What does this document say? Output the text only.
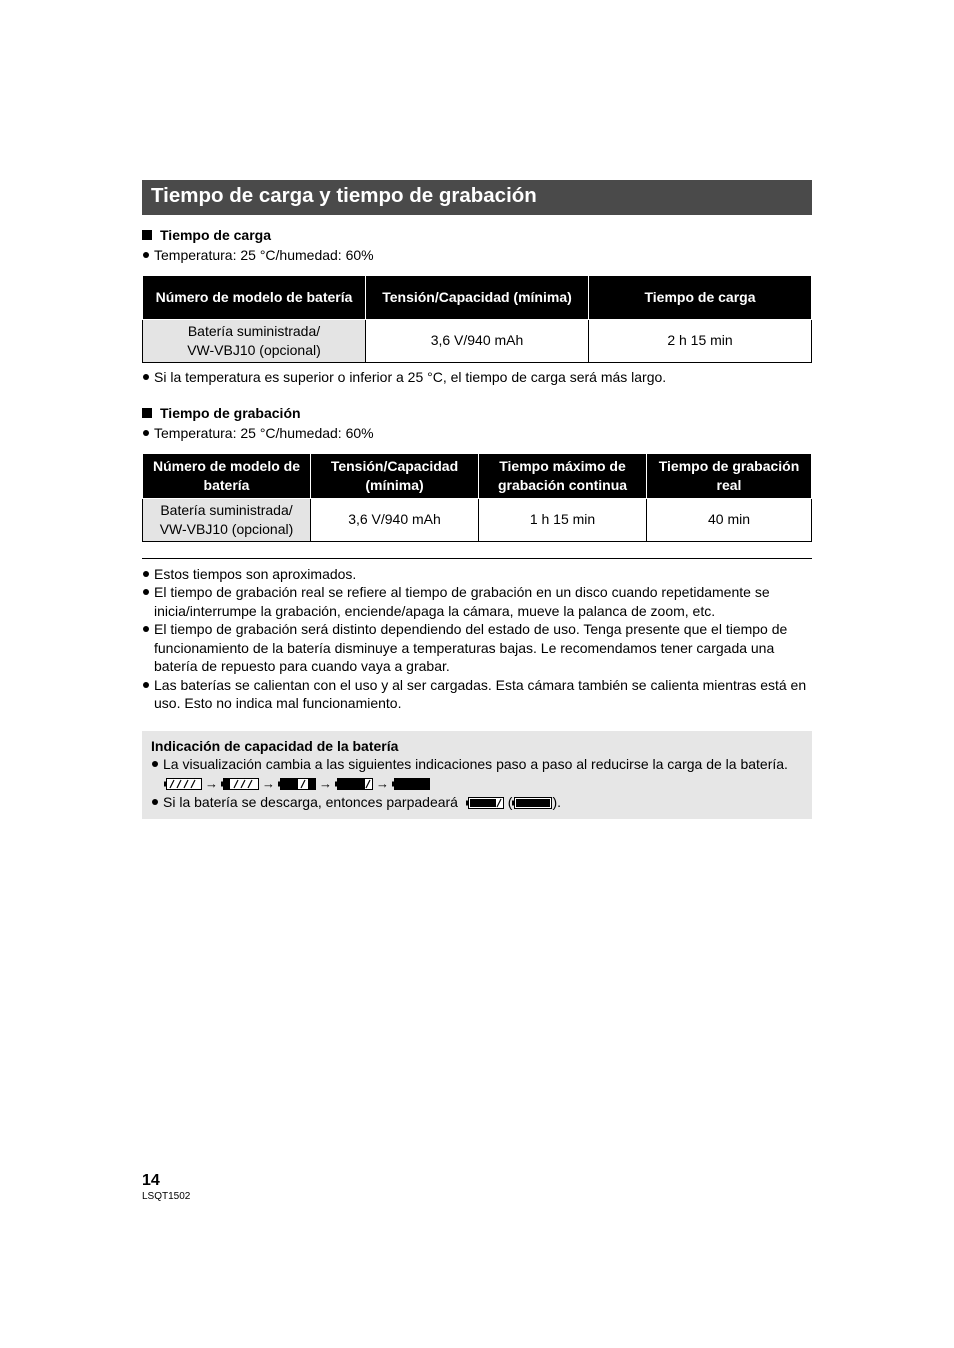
Tiempo de carga y tiempo de grabación
Tiempo de carga
Temperatura: 25 °C/humedad: 60%
Número de modelo de batería	Tensión/Capacidad (mínima)	Tiempo de carga

Batería suministrada/
VW-VBJ10 (opcional)	3,6 V/940 mAh	2 h 15 min
Si la temperatura es superior o inferior a 25 °C, el tiempo de carga será más largo.
Tiempo de grabación
Temperatura: 25 °C/humedad: 60%
Número de modelo de batería	Tensión/Capacidad (mínima)	Tiempo máximo de grabación continua	Tiempo de grabación real

Batería suministrada/
VW-VBJ10 (opcional)	3,6 V/940 mAh	1 h 15 min	40 min
Estos tiempos son aproximados.
El tiempo de grabación real se refiere al tiempo de grabación en un disco cuando repetidamente se inicia/interrumpe la grabación, enciende/apaga la cámara, mueve la palanca de zoom, etc.
El tiempo de grabación será distinto dependiendo del estado de uso. Tenga presente que el tiempo de funcionamiento de la batería disminuye a temperaturas bajas. Le recomendamos tener cargada una batería de repuesto para cuando vaya a grabar.
Las baterías se calientan con el uso y al ser cargadas. Esta cámara también se calienta mientras está en uso. Esto no indica mal funcionamiento.
Indicación de capacidad de la batería
La visualización cambia a las siguientes indicaciones paso a paso al reducirse la carga de la batería.
→	→	→	→
Si la batería se descarga, entonces parpadeará	(	).
14
LSQT1502
